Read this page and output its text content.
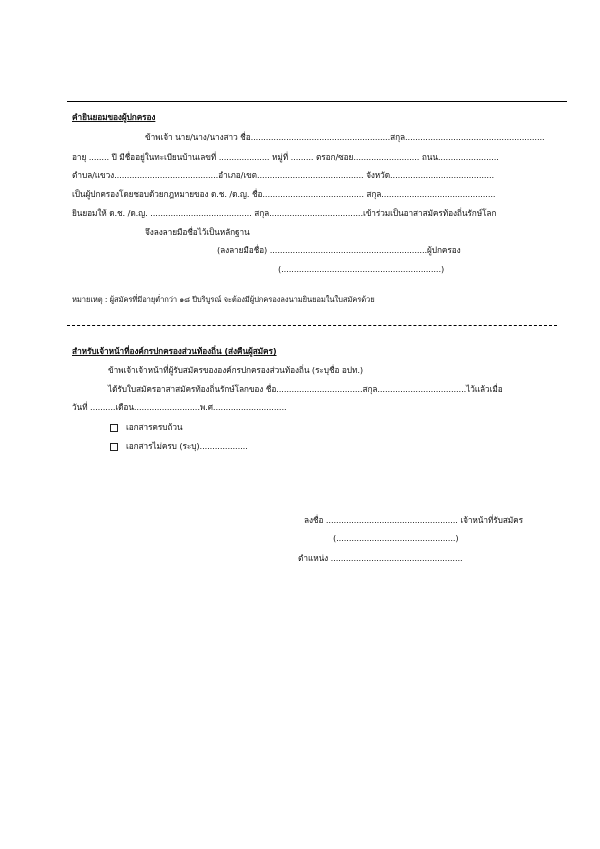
คำยินยอมของผู้ปกครอง
ข้าพเจ้า นาย/นาง/นางสาว ชื่อ.......................................................สกุล.......................................................
อายุ ........ ปี มีชื่ออยู่ในทะเบียนบ้านเลขที่ .................... หมู่ที่ ......... ตรอก/ซอย.......................... ถนน........................
ตำบล/แขวง.........................................อำเภอ/เขต.......................................... จังหวัด.........................................
เป็นผู้ปกครองโดยชอบด้วยกฎหมายของ ด.ช. /ด.ญ. ชื่อ........................................ สกุล.............................................
ยินยอมให้ ด.ช. /ด.ญ. ........................................ สกุล.....................................เข้าร่วมเป็นอาสาสมัครท้องถิ่นรักษ์โลก
จึงลงลายมือชื่อไว้เป็นหลักฐาน
(ลงลายมือชื่อ) ..............................................................ผู้ปกครอง
(...............................................................)
หมายเหตุ : ผู้สมัครที่มีอายุต่ำกว่า ๑๘ ปีบริบูรณ์ จะต้องมีผู้ปกครองลงนามยินยอมในใบสมัครด้วย
สำหรับเจ้าหน้าที่องค์กรปกครองส่วนท้องถิ่น (ส่งคืนผู้สมัคร)
ข้าพเจ้าเจ้าหน้าที่ผู้รับสมัครขององค์กรปกครองส่วนท้องถิ่น (ระบุชื่อ อปท.)
ได้รับใบสมัครอาสาสมัครท้องถิ่นรักษ์โลกของ ชื่อ..................................สกุล...................................ไว้แล้วเมื่อ
วันที่ ..........เดือน..........................พ.ศ.............................
เอกสารครบถ้วน
เอกสารไม่ครบ (ระบุ)...................
ลงชื่อ .................................................... เจ้าหน้าที่รับสมัคร
(...............................................)
ตำแหน่ง ....................................................
